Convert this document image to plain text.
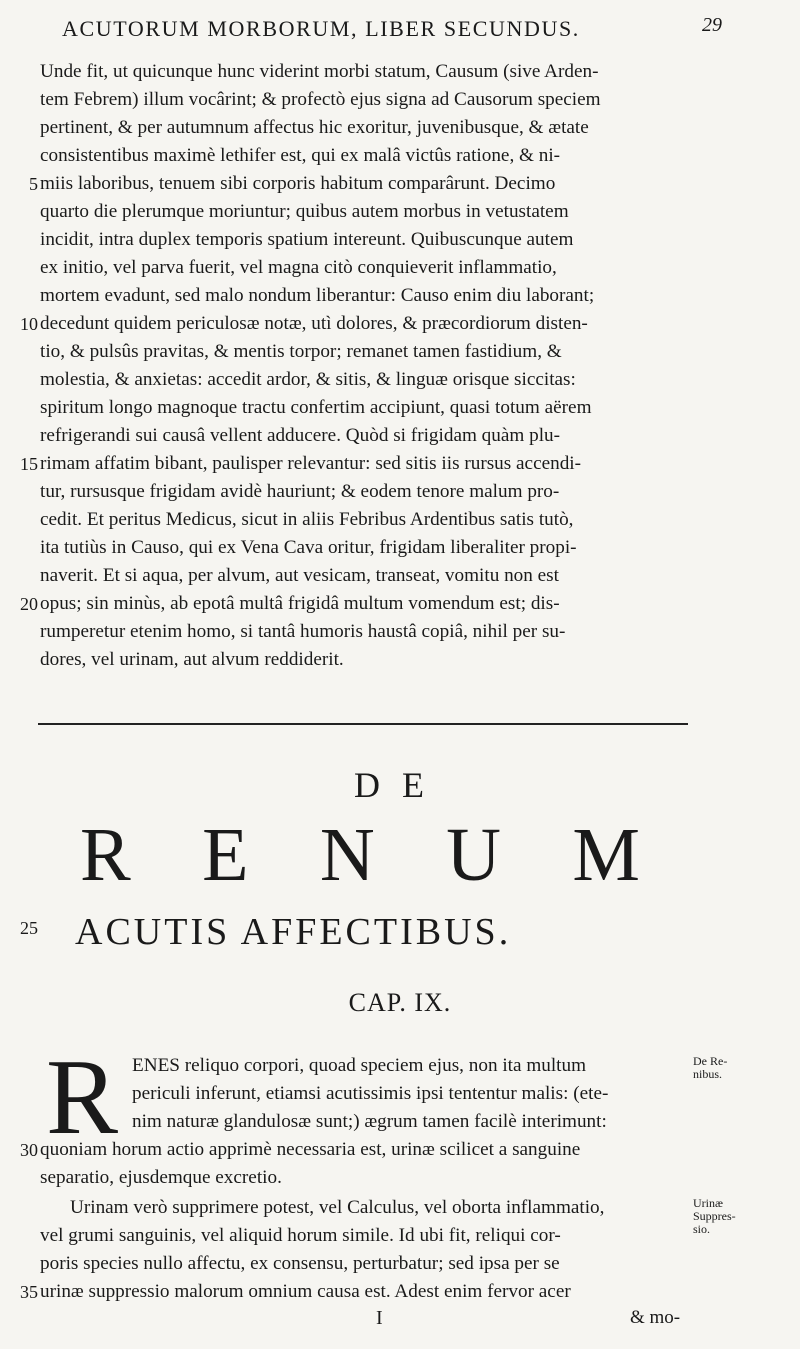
ACUTORUM MORBORUM, LIBER SECUNDUS.	29
Unde fit, ut quicunque hunc viderint morbi statum, Causum (sive Arden-
tem Febrem) illum vocârint; & profectò ejus signa ad Causorum speciem
pertinent, & per autumnum affectus hic exoritur, juvenibusque, & ætate
consistentibus maximè lethifer est, qui ex malâ victûs ratione, & ni-
miis laboribus, tenuem sibi corporis habitum comparârunt. Decimo
quarto die plerumque moriuntur; quibus autem morbus in vetustatem
incidit, intra duplex temporis spatium intereunt. Quibuscunque autem
ex initio, vel parva fuerit, vel magna citò conquieverit inflammatio,
mortem evadunt, sed malo nondum liberantur: Causo enim diu laborant;
decedunt quidem periculosæ notæ, utì dolores, & præcordiorum disten-
tio, & pulsûs pravitas, & mentis torpor; remanet tamen fastidium, &
molestia, & anxietas: accedit ardor, & sitis, & linguæ orisque siccitas:
spiritum longo magnoque tractu confertim accipiunt, quasi totum aërem
refrigerandi sui causâ vellent adducere. Quòd si frigidam quàm plu-
rimam affatim bibant, paulisper relevantur: sed sitis iis rursus accendi-
tur, rursusque frigidam avidè hauriunt; & eodem tenore malum pro-
cedit. Et peritus Medicus, sicut in aliis Febribus Ardentibus satis tutò,
ita tutiùs in Causo, qui ex Vena Cava oritur, frigidam liberaliter propi-
naverit. Et si aqua, per alvum, aut vesicam, transeat, vomitu non est
opus; sin minùs, ab epotâ multâ frigidâ multum vomendum est; dis-
rumperetur etenim homo, si tantâ humoris haustâ copiâ, nihil per su-
dores, vel urinam, aut alvum reddiderit.
5
10
15
20
25
30
35
DE
R E N U M
ACUTIS AFFECTIBUS.
CAP. IX.
R ENES reliquo corpori, quoad speciem ejus, non ita multum
periculi inferunt, etiamsi acutissimis ipsi tententur malis: (ete-
nim naturæ glandulosæ sunt;) ægrum tamen facilè interimunt:
quoniam horum actio apprimè necessaria est, urinæ scilicet a sanguine
separatio, ejusdemque excretio.
Urinam verò supprimere potest, vel Calculus, vel oborta inflammatio,
vel grumi sanguinis, vel aliquid horum simile. Id ubi fit, reliqui cor-
poris species nullo affectu, ex consensu, perturbatur; sed ipsa per se
urinæ suppressio malorum omnium causa est. Adest enim fervor acer
De Re-
nibus.
Urinæ
Suppres-
sio.
I	& mo-
